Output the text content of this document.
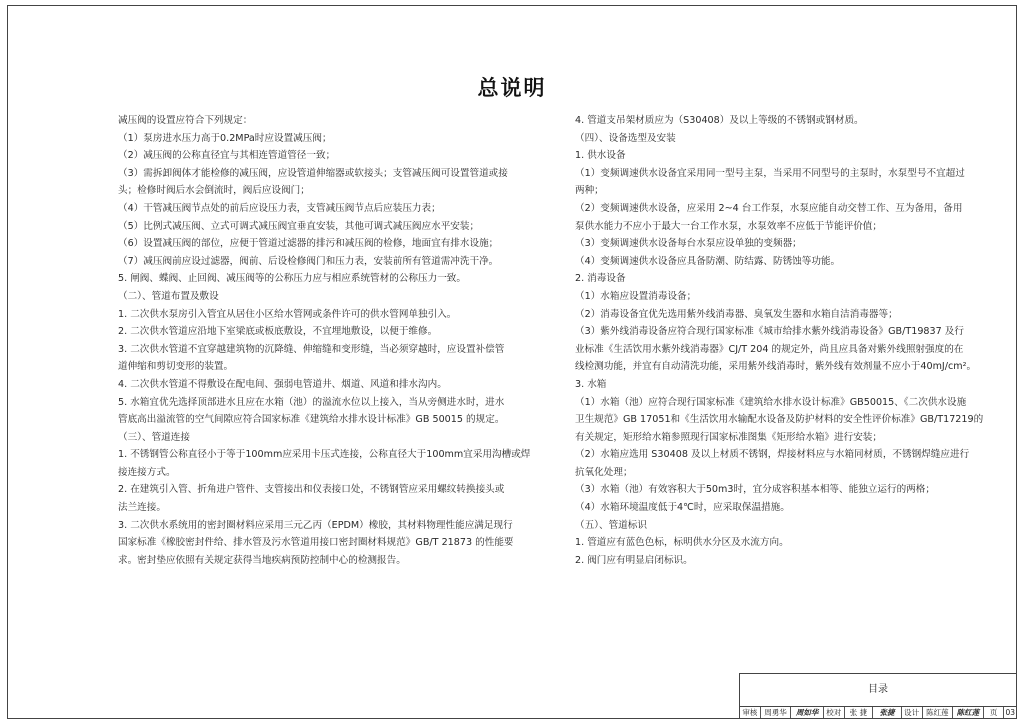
总说明

减压阀的设置应符合下列规定：

（1）泵房进水压力高于0.2MPa时应设置减压阀；

（2）减压阀的公称直径宜与其相连管道管径一致；

（3）需拆卸阀体才能检修的减压阀，应设管道伸缩器或软接头；支管减压阀可设置管道或接

头；检修时阀后水会倒流时，阀后应设阀门；

（4）干管减压阀节点处的前后应设压力表，支管减压阀节点后应装压力表；

（5）比例式减压阀、立式可调式减压阀宜垂直安装，其他可调式减压阀应水平安装；

（6）设置减压阀的部位，应便于管道过滤器的排污和减压阀的检修，地面宜有排水设施；

（7）减压阀前应设过滤器，阀前、后设检修阀门和压力表，安装前所有管道需冲洗干净。

5. 闸阀、蝶阀、止回阀、减压阀等的公称压力应与相应系统管材的公称压力一致。

（二）、管道布置及敷设

1. 二次供水泵房引入管宜从居住小区给水管网或条件许可的供水管网单独引入。

2. 二次供水管道应沿地下室梁底或板底敷设，不宜埋地敷设，以便于维修。

3. 二次供水管道不宜穿越建筑物的沉降缝、伸缩缝和变形缝，当必须穿越时，应设置补偿管

道伸缩和剪切变形的装置。

4. 二次供水管道不得敷设在配电间、强弱电管道井、烟道、风道和排水沟内。

5. 水箱宜优先选择顶部进水且应在水箱（池）的溢流水位以上接入，当从旁侧进水时，进水

管底高出溢流管的空气间隙应符合国家标准《建筑给水排水设计标准》GB 50015 的规定。

（三）、管道连接

1. 不锈钢管公称直径小于等于100mm应采用卡压式连接，公称直径大于100mm宜采用沟槽或焊

接连接方式。

2. 在建筑引入管、折角进户管件、支管接出和仪表接口处，不锈钢管应采用螺纹转换接头或

法兰连接。

3. 二次供水系统用的密封圈材料应采用三元乙丙（EPDM）橡胶，其材料物理性能应满足现行

国家标准《橡胶密封件给、排水管及污水管道用接口密封圈材料规范》GB/T 21873 的性能要

求。密封垫应依照有关规定获得当地疾病预防控制中心的检测报告。

4. 管道支吊架材质应为（S30408）及以上等级的不锈钢或钢材质。

（四）、设备选型及安装

1. 供水设备

（1）变频调速供水设备宜采用同一型号主泵，当采用不同型号的主泵时，水泵型号不宜超过

两种；

（2）变频调速供水设备，应采用 2~4 台工作泵，水泵应能自动交替工作、互为备用，备用

泵供水能力不应小于最大一台工作水泵，水泵效率不应低于节能评价值；

（3）变频调速供水设备每台水泵应设单独的变频器；

（4）变频调速供水设备应具备防潮、防结露、防锈蚀等功能。

2. 消毒设备

（1）水箱应设置消毒设备；

（2）消毒设备宜优先选用紫外线消毒器、臭氧发生器和水箱自洁消毒器等；

（3）紫外线消毒设备应符合现行国家标准《城市给排水紫外线消毒设备》GB/T19837 及行

业标准《生活饮用水紫外线消毒器》CJ/T 204 的规定外，尚且应具备对紫外线照射强度的在

线检测功能，并宜有自动清洗功能，采用紫外线消毒时，紫外线有效剂量不应小于40mJ/cm²。

3. 水箱

（1）水箱（池）应符合现行国家标准《建筑给水排水设计标准》GB50015、《二次供水设施

卫生规范》GB 17051和《生活饮用水输配水设备及防护材料的安全性评价标准》GB/T17219的

有关规定，矩形给水箱参照现行国家标准图集《矩形给水箱》进行安装；

（2）水箱应选用 S30408 及以上材质不锈钢，焊接材料应与水箱同材质，不锈钢焊缝应进行

抗氧化处理；

（3）水箱（池）有效容积大于50m3时，宜分成容积基本相等、能独立运行的两格；

（4）水箱环境温度低于4℃时，应采取保温措施。

（五）、管道标识

1. 管道应有蓝色色标，标明供水分区及水流方向。

2. 阀门应有明显启闭标识。

目录
审核 周勇华	周如华	校对	张 捷	张捷	设计 陈红莲	陈红莲	页	03
